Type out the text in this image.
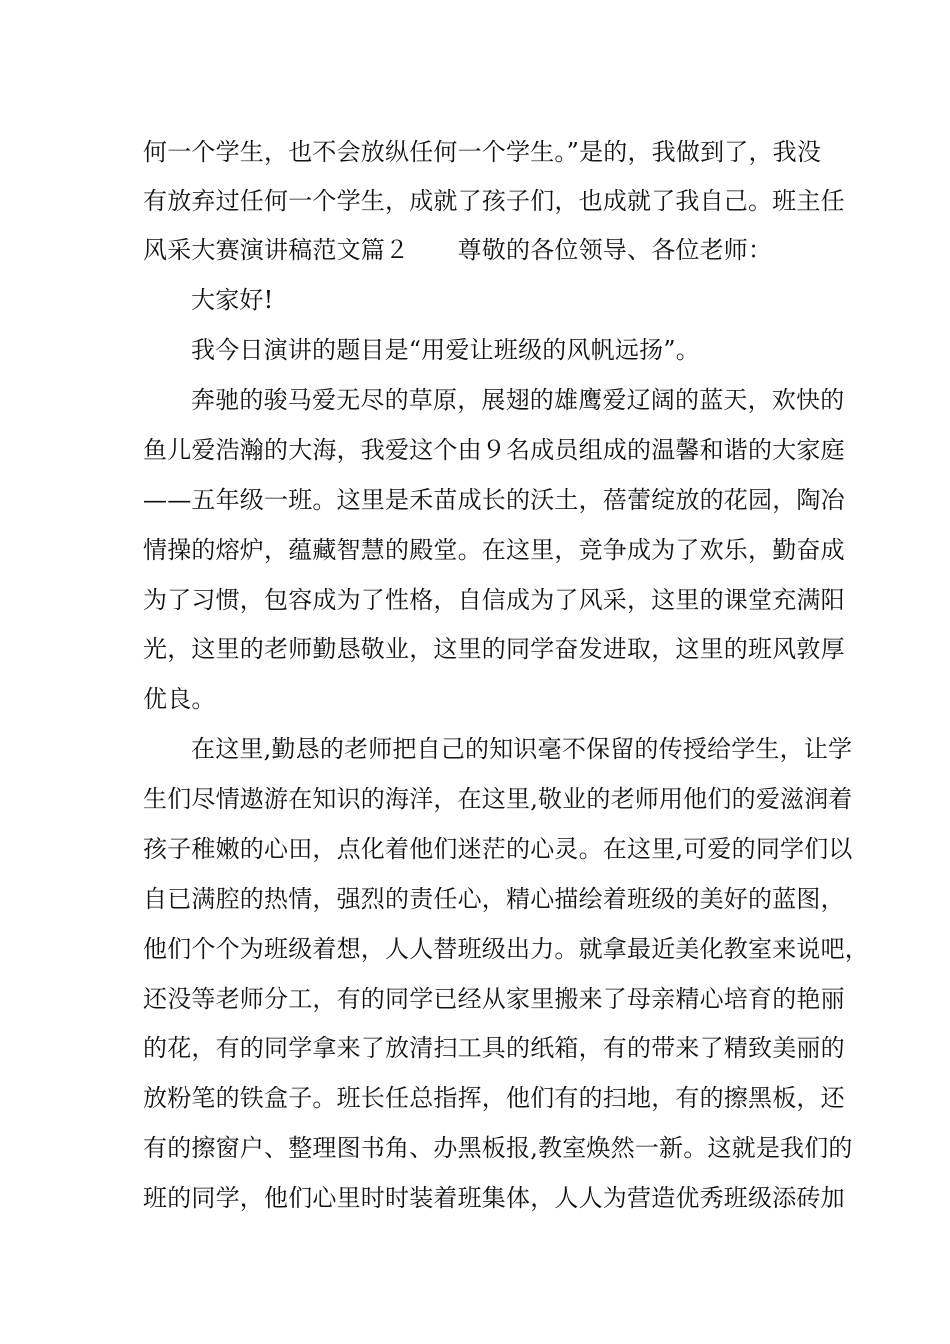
何一个学生，也不会放纵任何一个学生。”是的，我做到了，我没
有放弃过任何一个学生，成就了孩子们，也成就了我自己。班主任
风采大赛演讲稿范文篇２　　尊敬的各位领导、各位老师：
大家好!
我今日演讲的题目是“用爱让班级的风帆远扬”。
奔驰的骏马爱无尽的草原，展翅的雄鹰爱辽阔的蓝天，欢快的
鱼儿爱浩瀚的大海，我爱这个由９名成员组成的温馨和谐的大家庭
——五年级一班。这里是禾苗成长的沃土，蓓蕾绽放的花园，陶冶
情操的熔炉，蕴藏智慧的殿堂。在这里，竞争成为了欢乐，勤奋成
为了习惯，包容成为了性格，自信成为了风采，这里的课堂充满阳
光，这里的老师勤恳敬业，这里的同学奋发进取，这里的班风敦厚
优良。
在这里,勤恳的老师把自己的知识毫不保留的传授给学生，让学
生们尽情遨游在知识的海洋，在这里,敬业的老师用他们的爱滋润着
孩子稚嫩的心田，点化着他们迷茫的心灵。在这里,可爱的同学们以
自已满腔的热情，强烈的责任心，精心描绘着班级的美好的蓝图，
他们个个为班级着想，人人替班级出力。就拿最近美化教室来说吧，
还没等老师分工，有的同学已经从家里搬来了母亲精心培育的艳丽
的花，有的同学拿来了放清扫工具的纸箱，有的带来了精致美丽的
放粉笔的铁盒子。班长任总指挥，他们有的扫地，有的擦黑板，还
有的擦窗户、整理图书角、办黑板报,教室焕然一新。这就是我们的
班的同学，他们心里时时装着班集体，人人为营造优秀班级添砖加
